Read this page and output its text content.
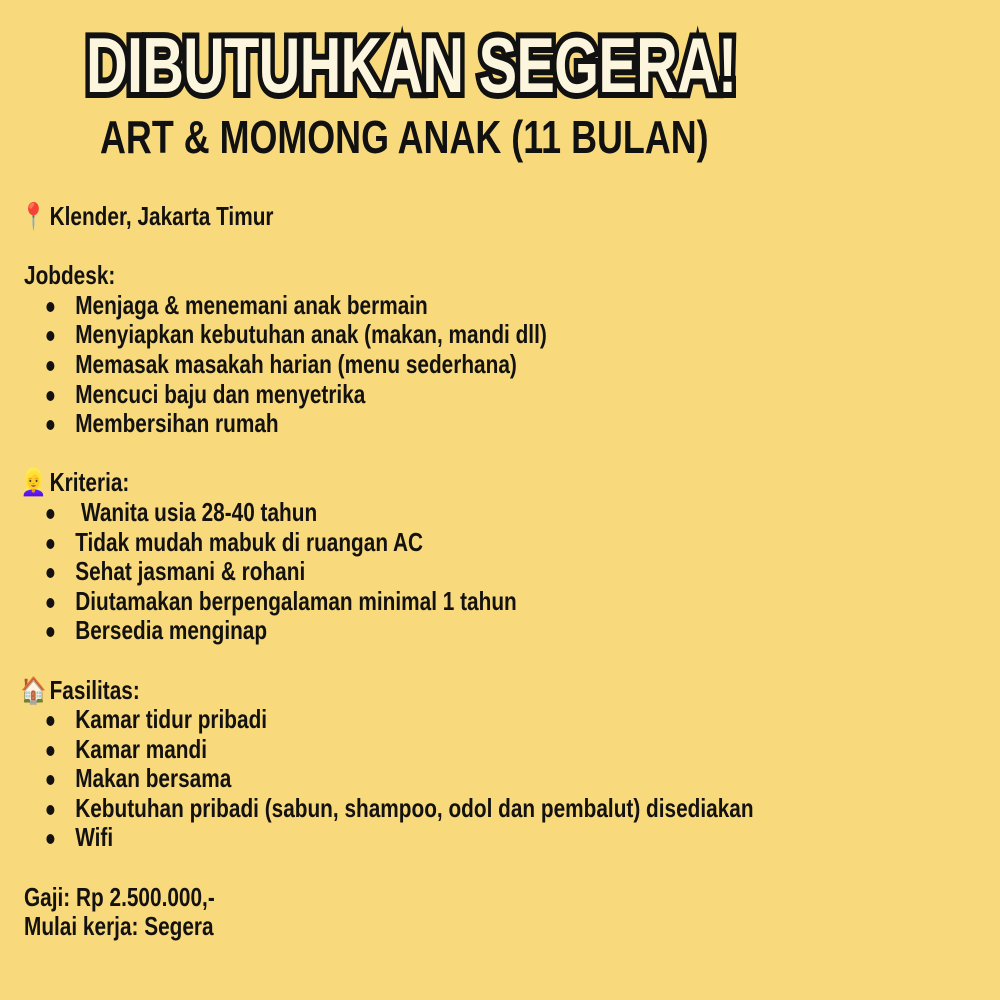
DIBUTUHKAN SEGERA!
ART & MOMONG ANAK (11 BULAN)
📍 Klender, Jakarta Timur
Jobdesk:
Menjaga & menemani anak bermain
Menyiapkan kebutuhan anak (makan, mandi dll)
Memasak masakah harian (menu sederhana)
Mencuci baju dan menyetrika
Membersihan rumah
👱‍♀️ Kriteria:
Wanita usia 28-40 tahun
Tidak mudah mabuk di ruangan AC
Sehat jasmani & rohani
Diutamakan berpengalaman minimal 1 tahun
Bersedia menginap
🏠 Fasilitas:
Kamar tidur pribadi
Kamar mandi
Makan bersama
Kebutuhan pribadi (sabun, shampoo, odol dan pembalut) disediakan
Wifi
Gaji: Rp 2.500.000,-
Mulai kerja: Segera
